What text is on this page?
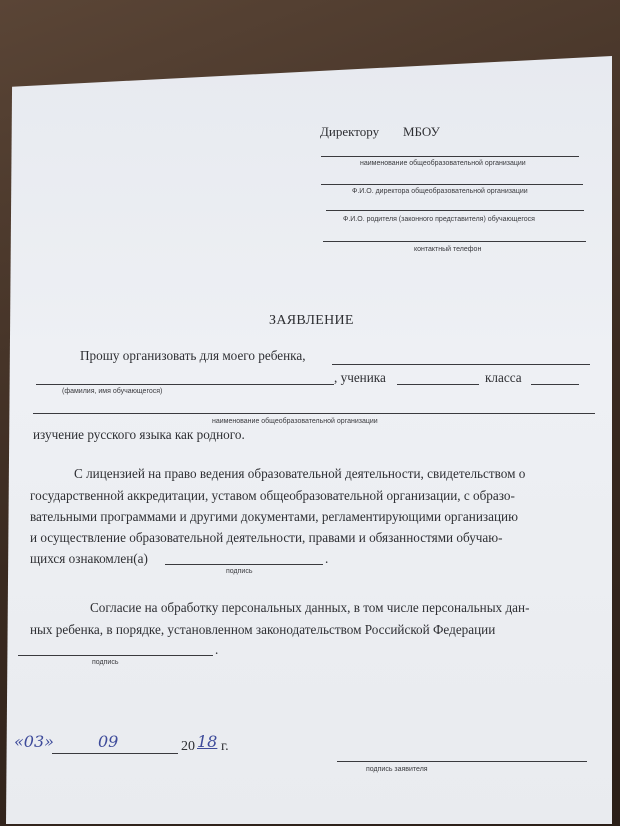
Директору МБОУ
наименование общеобразовательной организации
Ф.И.О. директора общеобразовательной организации
Ф.И.О. родителя (законного представителя) обучающегося
контактный телефон
ЗАЯВЛЕНИЕ
Прошу организовать для моего ребенка,
, ученика	класса
(фамилия, имя обучающегося)
наименование общеобразовательной организации
изучение русского языка как родного.
С лицензией на право ведения образовательной деятельности, свидетельством о
государственной аккредитации, уставом общеобразовательной организации, с образо-
вательными программами и другими документами, регламентирующими организацию
и осуществление образовательной деятельности, правами и обязанностями обучаю-
щихся ознакомлен(а)	.
подпись
Согласие на обработку персональных данных, в том числе персональных дан-
ных ребенка, в порядке, установленном законодательством Российской Федерации
.
подпись
«03»	09	20 18 г.
подпись заявителя
